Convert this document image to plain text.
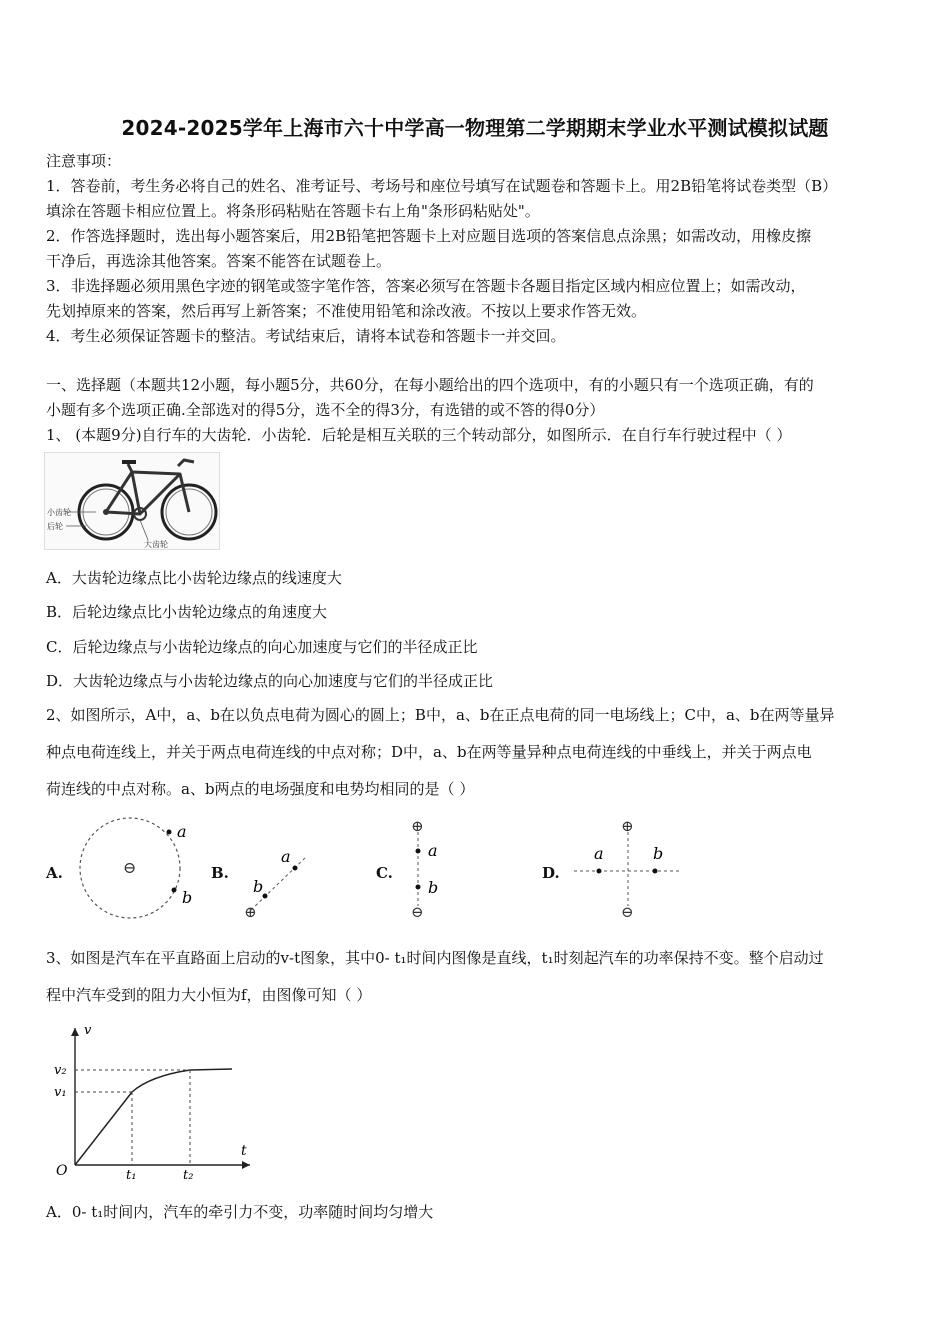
2024-2025学年上海市六十中学高一物理第二学期期末学业水平测试模拟试题
注意事项：
1．答卷前，考生务必将自己的姓名、准考证号、考场号和座位号填写在试题卷和答题卡上。用2B铅笔将试卷类型（B）
填涂在答题卡相应位置上。将条形码粘贴在答题卡右上角"条形码粘贴处"。
2．作答选择题时，选出每小题答案后，用2B铅笔把答题卡上对应题目选项的答案信息点涂黑；如需改动，用橡皮擦
干净后，再选涂其他答案。答案不能答在试题卷上。
3．非选择题必须用黑色字迹的钢笔或签字笔作答，答案必须写在答题卡各题目指定区域内相应位置上；如需改动，
先划掉原来的答案，然后再写上新答案；不准使用铅笔和涂改液。不按以上要求作答无效。
4．考生必须保证答题卡的整洁。考试结束后，请将本试卷和答题卡一并交回。
一、选择题（本题共12小题，每小题5分，共60分，在每小题给出的四个选项中，有的小题只有一个选项正确，有的
小题有多个选项正确.全部选对的得5分，选不全的得3分，有选错的或不答的得0分）
1、 (本题9分)自行车的大齿轮．小齿轮．后轮是相互关联的三个转动部分，如图所示．在自行车行驶过程中（ ）
小齿轮
后轮
大齿轮
A．大齿轮边缘点比小齿轮边缘点的线速度大
B．后轮边缘点比小齿轮边缘点的角速度大
C．后轮边缘点与小齿轮边缘点的向心加速度与它们的半径成正比
D．大齿轮边缘点与小齿轮边缘点的向心加速度与它们的半径成正比
2、如图所示，A中，a、b在以负点电荷为圆心的圆上；B中，a、b在正点电荷的同一电场线上；C中，a、b在两等量异
种点电荷连线上，并关于两点电荷连线的中点对称；D中，a、b在两等量异种点电荷连线的中垂线上，并关于两点电
荷连线的中点对称。a、b两点的电场强度和电势均相同的是（ ）
A.	⊖
a
b
B.
⊕
a
b
C.
⊕
⊖
a
b
D.
⊕
⊖
a	b
3、如图是汽车在平直路面上启动的v-t图象，其中0- t₁时间内图像是直线，t₁时刻起汽车的功率保持不变。整个启动过
程中汽车受到的阻力大小恒为f，由图像可知（ ）
v
t
O
v₁
v₂
t₁	t₂
A．0- t₁时间内，汽车的牵引力不变，功率随时间均匀增大
